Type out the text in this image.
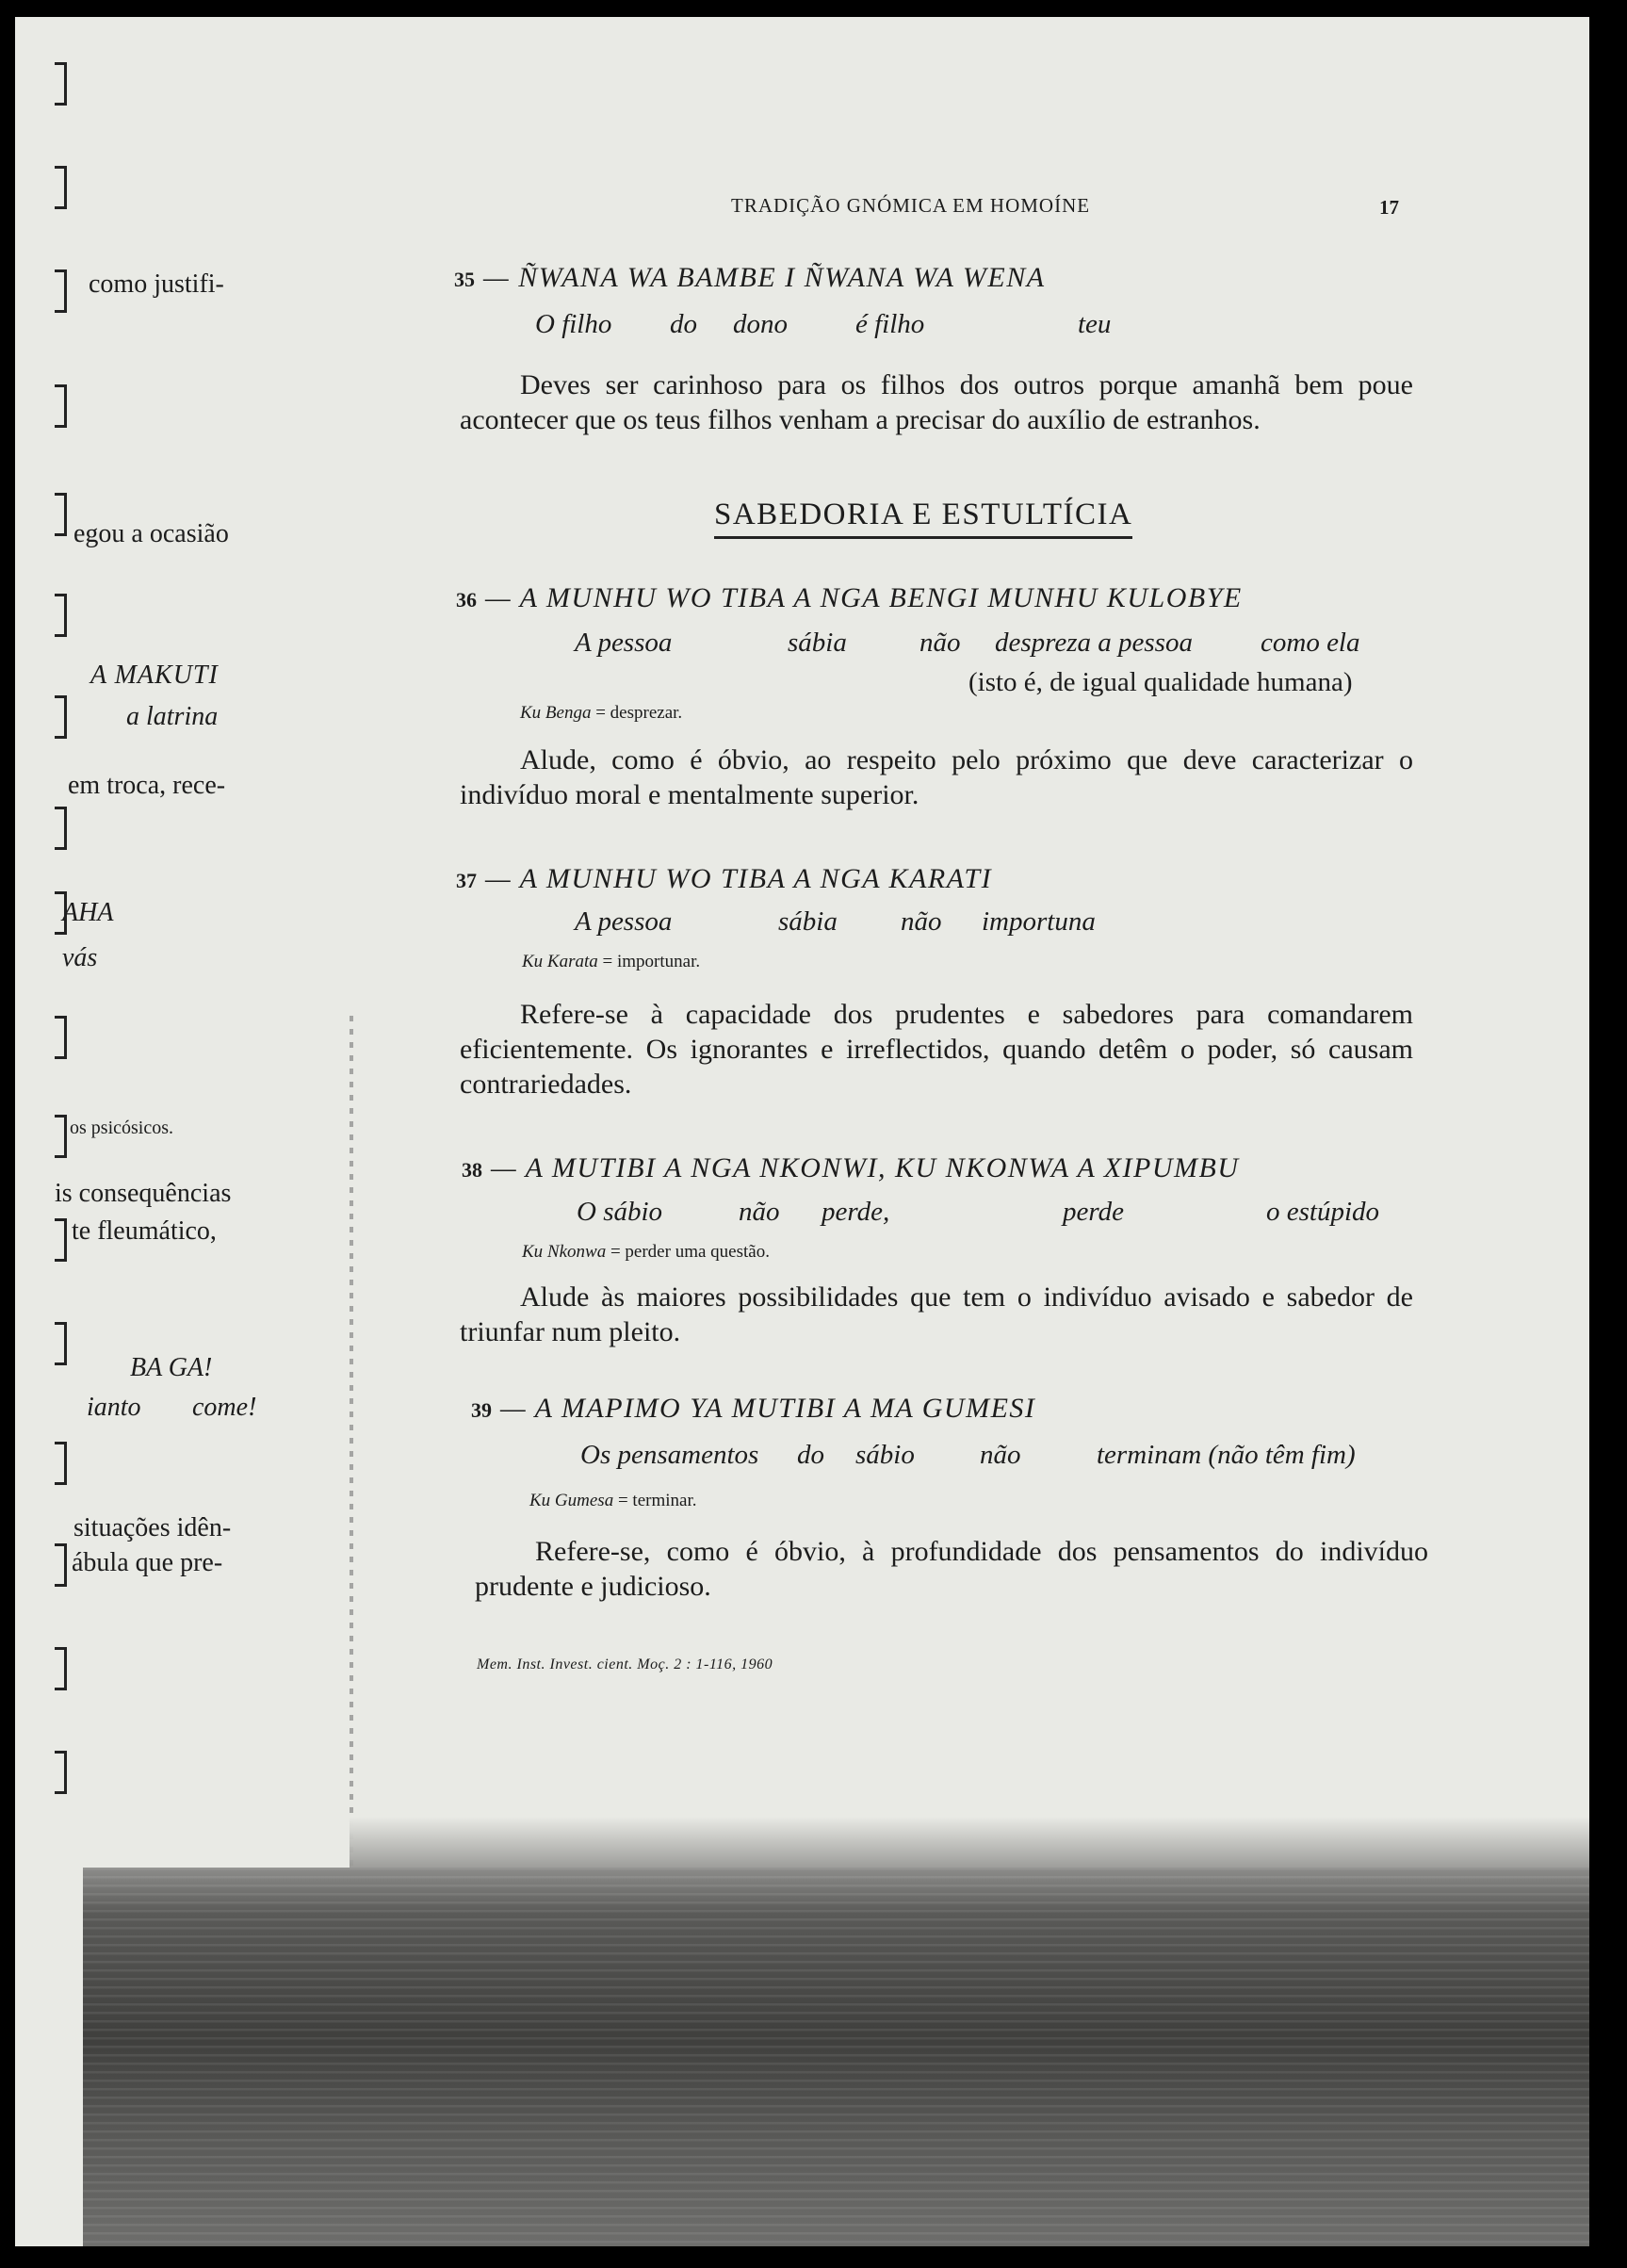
como justifi-
egou a ocasião
A MAKUTI
a latrina
em troca, rece-
AHA
vás
os psicósicos.
is consequências
te fleumático,
BA GA!
ianto come!
situações idên-
ábula que pre-
TRADIÇÃO GNÓMICA EM HOMOÍNE	17
35 — ÑWANA WA BAMBE I ÑWANA WA WENA
O filho do dono é filho	teu
Deves ser carinhoso para os filhos dos outros porque amanhã bem poue acontecer que os teus filhos venham a precisar do auxílio de estranhos.
SABEDORIA E ESTULTÍCIA
36 — A MUNHU WO TIBA A NGA BENGI MUNHU KULOBYE
A pessoa	sábia	não despreza a pessoa como ela
(isto é, de igual qualidade humana)
Ku Benga = desprezar.
Alude, como é óbvio, ao respeito pelo próximo que deve caracterizar o indivíduo moral e mentalmente superior.
37 — A MUNHU WO TIBA A NGA KARATI
A pessoa	sábia não importuna
Ku Karata = importunar.
Refere-se à capacidade dos prudentes e sabedores para comandarem eficientemente. Os ignorantes e irreflectidos, quando detêm o poder, só causam contrariedades.
38 — A MUTIBI A NGA NKONWI, KU NKONWA A XIPUMBU
O sábio	não perde,	perde	o estúpido
Ku Nkonwa = perder uma questão.
Alude às maiores possibilidades que tem o indivíduo avisado e sabedor de triunfar num pleito.
39 — A MAPIMO YA MUTIBI A MA GUMESI
Os pensamentos do sábio não	terminam (não têm fim)
Ku Gumesa = terminar.
Refere-se, como é óbvio, à profundidade dos pensamentos do indivíduo prudente e judicioso.
Mem. Inst. Invest. cient. Moç. 2 : 1-116, 1960
